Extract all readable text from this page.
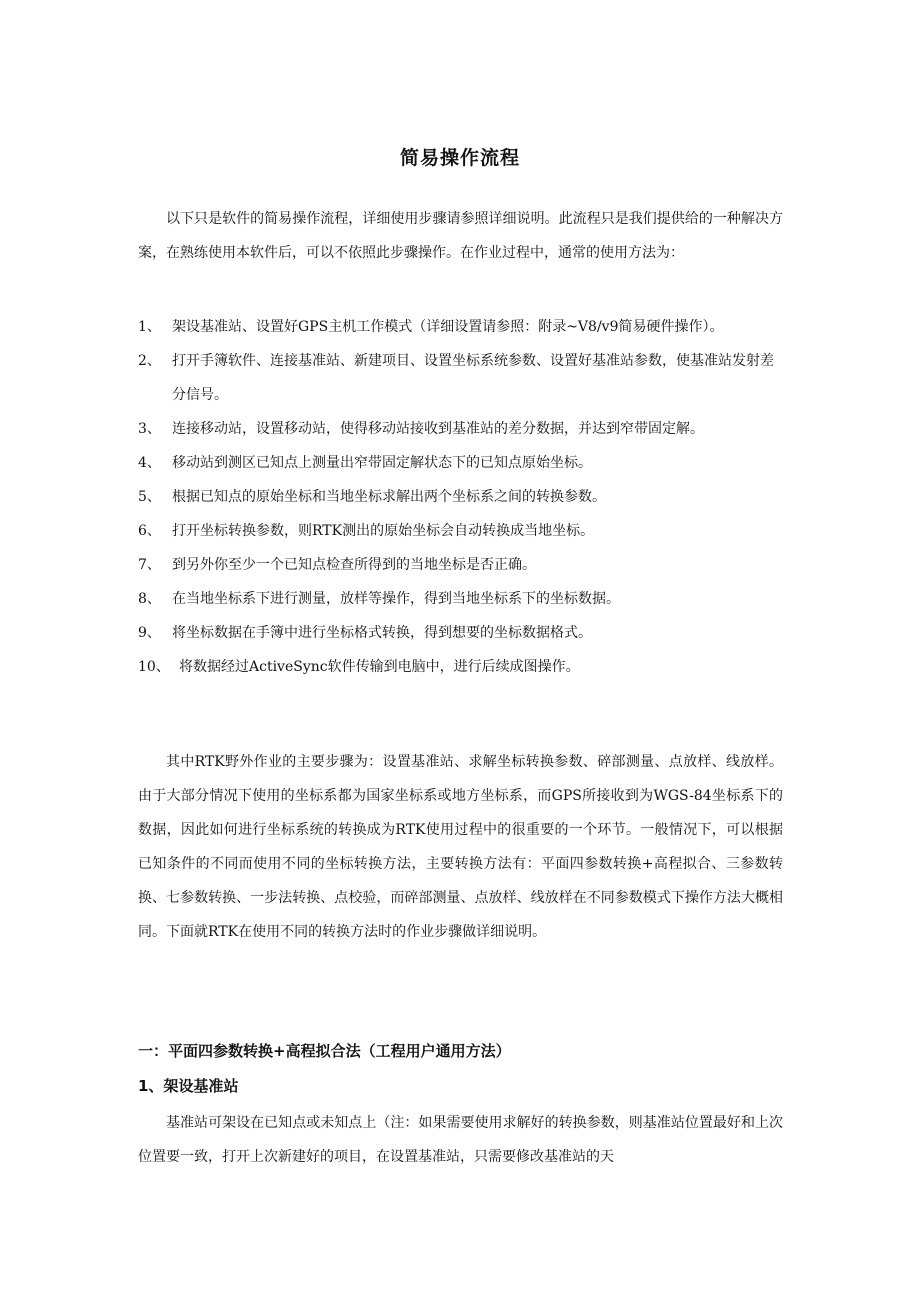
简易操作流程

以下只是软件的简易操作流程，详细使用步骤请参照详细说明。此流程只是我们提供给的一种解决方案，在熟练使用本软件后，可以不依照此步骤操作。在作业过程中，通常的使用方法为：

1、 架设基准站、设置好GPS主机工作模式（详细设置请参照：附录~V8/v9简易硬件操作）。
2、 打开手簿软件、连接基准站、新建项目、设置坐标系统参数、设置好基准站参数，使基准站发射差分信号。
3、 连接移动站，设置移动站，使得移动站接收到基准站的差分数据，并达到窄带固定解。
4、 移动站到测区已知点上测量出窄带固定解状态下的已知点原始坐标。
5、 根据已知点的原始坐标和当地坐标求解出两个坐标系之间的转换参数。
6、 打开坐标转换参数，则RTK测出的原始坐标会自动转换成当地坐标。
7、 到另外你至少一个已知点检查所得到的当地坐标是否正确。
8、 在当地坐标系下进行测量，放样等操作，得到当地坐标系下的坐标数据。
9、 将坐标数据在手簿中进行坐标格式转换，得到想要的坐标数据格式。
10、 将数据经过ActiveSync软件传输到电脑中，进行后续成图操作。

其中RTK野外作业的主要步骤为：设置基准站、求解坐标转换参数、碎部测量、点放样、线放样。由于大部分情况下使用的坐标系都为国家坐标系或地方坐标系，而GPS所接收到为WGS-84坐标系下的数据，因此如何进行坐标系统的转换成为RTK使用过程中的很重要的一个环节。一般情况下，可以根据已知条件的不同而使用不同的坐标转换方法，主要转换方法有：平面四参数转换+高程拟合、三参数转换、七参数转换、一步法转换、点校验，而碎部测量、点放样、线放样在不同参数模式下操作方法大概相同。下面就RTK在使用不同的转换方法时的作业步骤做详细说明。

一：平面四参数转换+高程拟合法（工程用户通用方法）
1、架设基准站

基准站可架设在已知点或未知点上（注：如果需要使用求解好的转换参数，则基准站位置最好和上次位置要一致，打开上次新建好的项目，在设置基准站，只需要修改基准站的天
